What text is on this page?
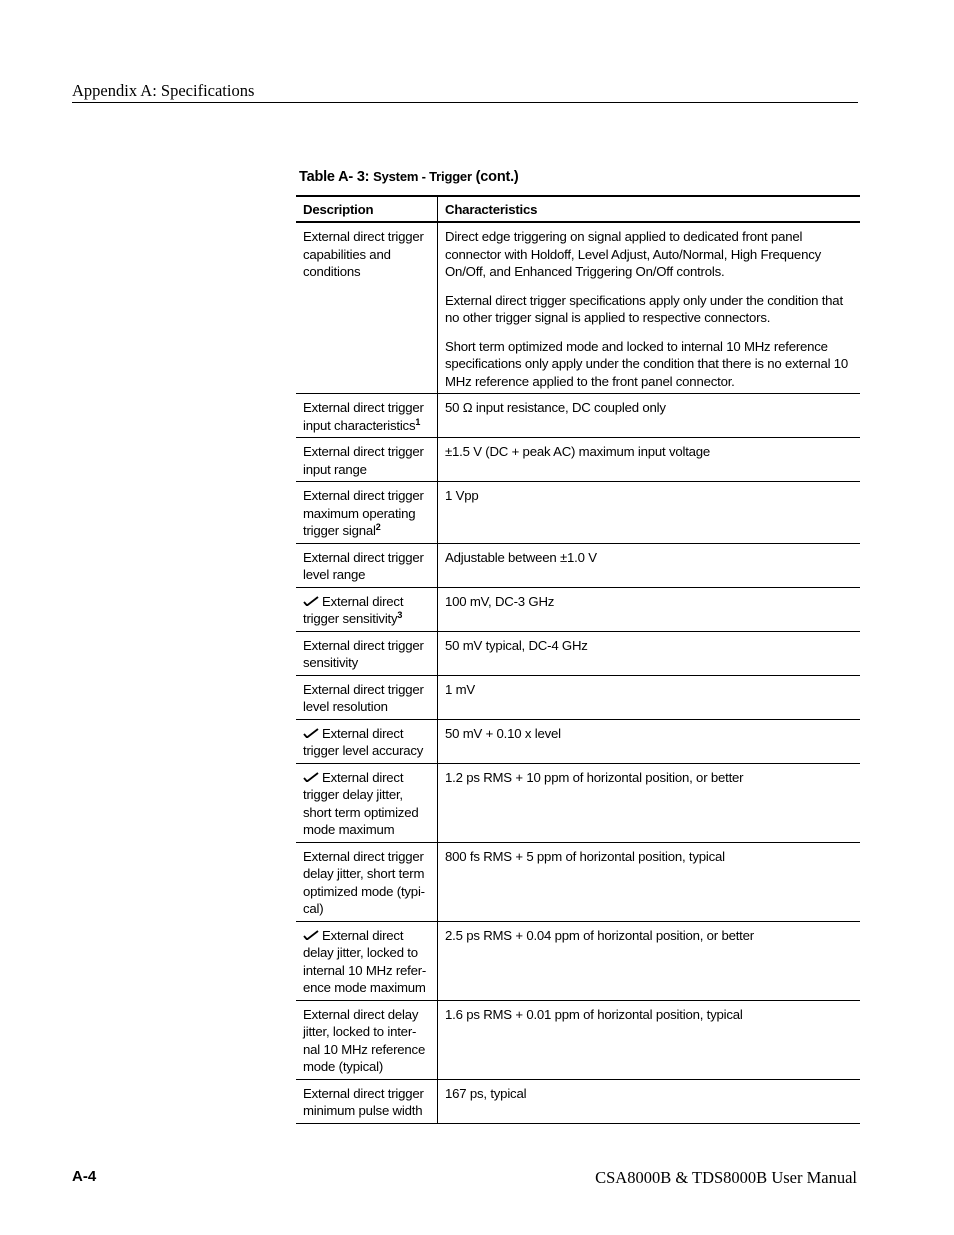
Appendix A: Specifications
Table A- 3: System - Trigger (cont.)
Description	Characteristics
External direct trigger capabilities and conditions	Direct edge triggering on signal applied to dedicated front panel connector with Holdoff, Level Adjust, Auto/Normal, High Frequency On/Off, and Enhanced Triggering On/Off controls.

External direct trigger specifications apply only under the condition that no other trigger signal is applied to respective connectors.

Short term optimized mode and locked to internal 10 MHz reference specifications only apply under the condition that there is no external 10 MHz reference applied to the front panel connector.

External direct trigger input characteristics$^1$	50 Ω input resistance, DC coupled only

External direct trigger input range	±1.5 V (DC + peak AC) maximum input voltage

External direct trigger maximum operating trigger signal$^2$	1 Vpp

External direct trigger level range	Adjustable between ±1.0 V

External direct trigger sensitivity$^3$	100 mV, DC-3 GHz

External direct trigger sensitivity	50 mV typical, DC-4 GHz

External direct trigger level resolution	1 mV

External direct trigger level accuracy	50 mV + 0.10 x level

External direct trigger delay jitter, short term optimized mode maximum	1.2 ps RMS + 10 ppm of horizontal position, or better

External direct trigger delay jitter, short term optimized mode (typi-cal)	800 fs RMS + 5 ppm of horizontal position, typical

External direct delay jitter, locked to internal 10 MHz refer-ence mode maximum	2.5 ps RMS + 0.04 ppm of horizontal position, or better

External direct delay jitter, locked to inter-nal 10 MHz reference mode (typical)	1.6 ps RMS + 0.01 ppm of horizontal position, typical

External direct trigger minimum pulse width	167 ps, typical

A-4	CSA8000B & TDS8000B User Manual
